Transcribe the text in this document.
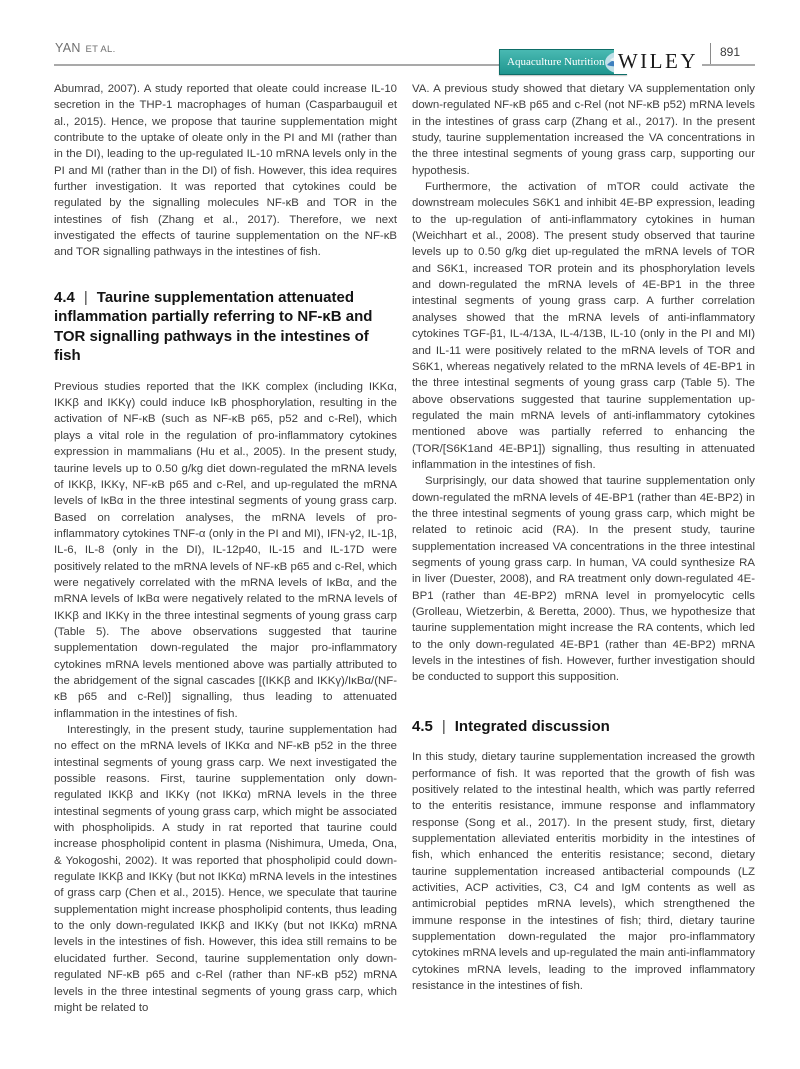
YAN ET AL.
Aquaculture Nutrition WILEY	891

Abumrad, 2007). A study reported that oleate could increase IL-10 secretion in the THP-1 macrophages of human (Casparbauguil et al., 2015). Hence, we propose that taurine supplementation might contribute to the uptake of oleate only in the PI and MI (rather than in the DI), leading to the up-regulated IL-10 mRNA levels only in the PI and MI (rather than in the DI) of fish. However, this idea requires further investigation. It was reported that cytokines could be regulated by the signalling molecules NF-κB and TOR in the intestines of fish (Zhang et al., 2017). Therefore, we next investigated the effects of taurine supplementation on the NF-κB and TOR signalling pathways in the intestines of fish.

4.4 | Taurine supplementation attenuated inflammation partially referring to NF-κB and TOR signalling pathways in the intestines of fish

Previous studies reported that the IKK complex (including IKKα, IKKβ and IKKγ) could induce IκB phosphorylation, resulting in the activation of NF-κB (such as NF-κB p65, p52 and c-Rel), which plays a vital role in the regulation of pro-inflammatory cytokines expression in mammalians (Hu et al., 2005). In the present study, taurine levels up to 0.50 g/kg diet down-regulated the mRNA levels of IKKβ, IKKγ, NF-κB p65 and c-Rel, and up-regulated the mRNA levels of IκBα in the three intestinal segments of young grass carp. Based on correlation analyses, the mRNA levels of pro-inflammatory cytokines TNF-α (only in the PI and MI), IFN-γ2, IL-1β, IL-6, IL-8 (only in the DI), IL-12p40, IL-15 and IL-17D were positively related to the mRNA levels of NF-κB p65 and c-Rel, which were negatively correlated with the mRNA levels of IκBα, and the mRNA levels of IκBα were negatively related to the mRNA levels of IKKβ and IKKγ in the three intestinal segments of young grass carp (Table 5). The above observations suggested that taurine supplementation down-regulated the major pro-inflammatory cytokines mRNA levels mentioned above was partially attributed to the abridgement of the signal cascades [(IKKβ and IKKγ)/IκBα/(NF-κB p65 and c-Rel)] signalling, thus leading to attenuated inflammation in the intestines of fish.

Interestingly, in the present study, taurine supplementation had no effect on the mRNA levels of IKKα and NF-κB p52 in the three intestinal segments of young grass carp. We next investigated the possible reasons. First, taurine supplementation only down-regulated IKKβ and IKKγ (not IKKα) mRNA levels in the three intestinal segments of young grass carp, which might be associated with phospholipids. A study in rat reported that taurine could increase phospholipid content in plasma (Nishimura, Umeda, Ona, & Yokogoshi, 2002). It was reported that phospholipid could down-regulate IKKβ and IKKγ (but not IKKα) mRNA levels in the intestines of grass carp (Chen et al., 2015). Hence, we speculate that taurine supplementation might increase phospholipid contents, thus leading to the only down-regulated IKKβ and IKKγ (but not IKKα) mRNA levels in the intestines of fish. However, this idea still remains to be elucidated further. Second, taurine supplementation only down-regulated NF-κB p65 and c-Rel (rather than NF-κB p52) mRNA levels in the three intestinal segments of young grass carp, which might be related to

VA. A previous study showed that dietary VA supplementation only down-regulated NF-κB p65 and c-Rel (not NF-κB p52) mRNA levels in the intestines of grass carp (Zhang et al., 2017). In the present study, taurine supplementation increased the VA concentrations in the three intestinal segments of young grass carp, supporting our hypothesis.

Furthermore, the activation of mTOR could activate the downstream molecules S6K1 and inhibit 4E-BP expression, leading to the up-regulation of anti-inflammatory cytokines in human (Weichhart et al., 2008). The present study observed that taurine levels up to 0.50 g/kg diet up-regulated the mRNA levels of TOR and S6K1, increased TOR protein and its phosphorylation levels and down-regulated the mRNA levels of 4E-BP1 in the three intestinal segments of young grass carp. A further correlation analyses showed that the mRNA levels of anti-inflammatory cytokines TGF-β1, IL-4/13A, IL-4/13B, IL-10 (only in the PI and MI) and IL-11 were positively related to the mRNA levels of TOR and S6K1, whereas negatively related to the mRNA levels of 4E-BP1 in the three intestinal segments of young grass carp (Table 5). The above observations suggested that taurine supplementation up-regulated the main mRNA levels of anti-inflammatory cytokines mentioned above was partially referred to enhancing the (TOR/[S6K1and 4E-BP1]) signalling, thus resulting in attenuated inflammation in the intestines of fish.

Surprisingly, our data showed that taurine supplementation only down-regulated the mRNA levels of 4E-BP1 (rather than 4E-BP2) in the three intestinal segments of young grass carp, which might be related to retinoic acid (RA). In the present study, taurine supplementation increased VA concentrations in the three intestinal segments of young grass carp. In human, VA could synthesize RA in liver (Duester, 2008), and RA treatment only down-regulated 4E-BP1 (rather than 4E-BP2) mRNA level in promyelocytic cells (Grolleau, Wietzerbin, & Beretta, 2000). Thus, we hypothesize that taurine supplementation might increase the RA contents, which led to the only down-regulated 4E-BP1 (rather than 4E-BP2) mRNA levels in the intestines of fish. However, further investigation should be conducted to support this supposition.

4.5 | Integrated discussion

In this study, dietary taurine supplementation increased the growth performance of fish. It was reported that the growth of fish was positively related to the intestinal health, which was partly referred to the enteritis resistance, immune response and inflammatory response (Song et al., 2017). In the present study, first, dietary supplementation alleviated enteritis morbidity in the intestines of fish, which enhanced the enteritis resistance; second, dietary taurine supplementation increased antibacterial compounds (LZ activities, ACP activities, C3, C4 and IgM contents as well as antimicrobial peptides mRNA levels), which strengthened the immune response in the intestines of fish; third, dietary taurine supplementation down-regulated the major pro-inflammatory cytokines mRNA levels and up-regulated the main anti-inflammatory cytokines mRNA levels, leading to the improved inflammatory resistance in the intestines of fish.
